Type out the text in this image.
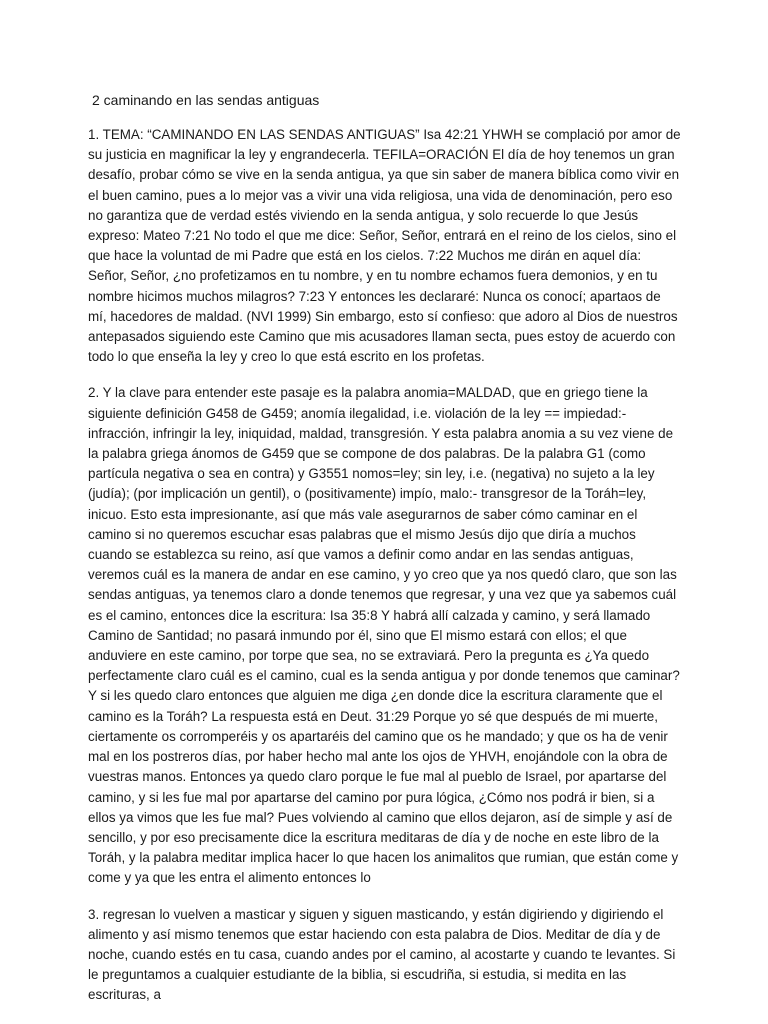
2 caminando en las sendas antiguas

1. TEMA: “CAMINANDO EN LAS SENDAS ANTIGUAS” Isa 42:21 YHWH se complació por amor de su justicia en magnificar la ley y engrandecerla. TEFILA=ORACIÓN El día de hoy tenemos un gran desafío, probar cómo se vive en la senda antigua, ya que sin saber de manera bíblica como vivir en el buen camino, pues a lo mejor vas a vivir una vida religiosa, una vida de denominación, pero eso no garantiza que de verdad estés viviendo en la senda antigua, y solo recuerde lo que Jesús expreso: Mateo 7:21 No todo el que me dice: Señor, Señor, entrará en el reino de los cielos, sino el que hace la voluntad de mi Padre que está en los cielos. 7:22 Muchos me dirán en aquel día: Señor, Señor, ¿no profetizamos en tu nombre, y en tu nombre echamos fuera demonios, y en tu nombre hicimos muchos milagros? 7:23 Y entonces les declararé: Nunca os conocí; apartaos de mí, hacedores de maldad. (NVI 1999) Sin embargo, esto sí confieso: que adoro al Dios de nuestros antepasados siguiendo este Camino que mis acusadores llaman secta, pues estoy de acuerdo con todo lo que enseña la ley y creo lo que está escrito en los profetas.

2. Y la clave para entender este pasaje es la palabra anomia=MALDAD, que en griego tiene la siguiente definición G458 de G459; anomía ilegalidad, i.e. violación de la ley == impiedad:- infracción, infringir la ley, iniquidad, maldad, transgresión. Y esta palabra anomia a su vez viene de la palabra griega ánomos de G459 que se compone de dos palabras. De la palabra G1 (como partícula negativa o sea en contra) y G3551 nomos=ley; sin ley, i.e. (negativa) no sujeto a la ley (judía); (por implicación un gentil), o (positivamente) impío, malo:- transgresor de la Toráh=ley, inicuo. Esto esta impresionante, así que más vale asegurarnos de saber cómo caminar en el camino si no queremos escuchar esas palabras que el mismo Jesús dijo que diría a muchos cuando se establezca su reino, así que vamos a definir como andar en las sendas antiguas, veremos cuál es la manera de andar en ese camino, y yo creo que ya nos quedó claro, que son las sendas antiguas, ya tenemos claro a donde tenemos que regresar, y una vez que ya sabemos cuál es el camino, entonces dice la escritura: Isa 35:8 Y habrá allí calzada y camino, y será llamado Camino de Santidad; no pasará inmundo por él, sino que El mismo estará con ellos; el que anduviere en este camino, por torpe que sea, no se extraviará. Pero la pregunta es ¿Ya quedo perfectamente claro cuál es el camino, cual es la senda antigua y por donde tenemos que caminar? Y si les quedo claro entonces que alguien me diga ¿en donde dice la escritura claramente que el camino es la Toráh? La respuesta está en Deut. 31:29 Porque yo sé que después de mi muerte, ciertamente os corromperéis y os apartaréis del camino que os he mandado; y que os ha de venir mal en los postreros días, por haber hecho mal ante los ojos de YHVH, enojándole con la obra de vuestras manos. Entonces ya quedo claro porque le fue mal al pueblo de Israel, por apartarse del camino, y si les fue mal por apartarse del camino por pura lógica, ¿Cómo nos podrá ir bien, si a ellos ya vimos que les fue mal? Pues volviendo al camino que ellos dejaron, así de simple y así de sencillo, y por eso precisamente dice la escritura meditaras de día y de noche en este libro de la Toráh, y la palabra meditar implica hacer lo que hacen los animalitos que rumian, que están come y come y ya que les entra el alimento entonces lo

3. regresan lo vuelven a masticar y siguen y siguen masticando, y están digiriendo y digiriendo el alimento y así mismo tenemos que estar haciendo con esta palabra de Dios. Meditar de día y de noche, cuando estés en tu casa, cuando andes por el camino, al acostarte y cuando te levantes. Si le preguntamos a cualquier estudiante de la biblia, si escudriña, si estudia, si medita en las escrituras, a
